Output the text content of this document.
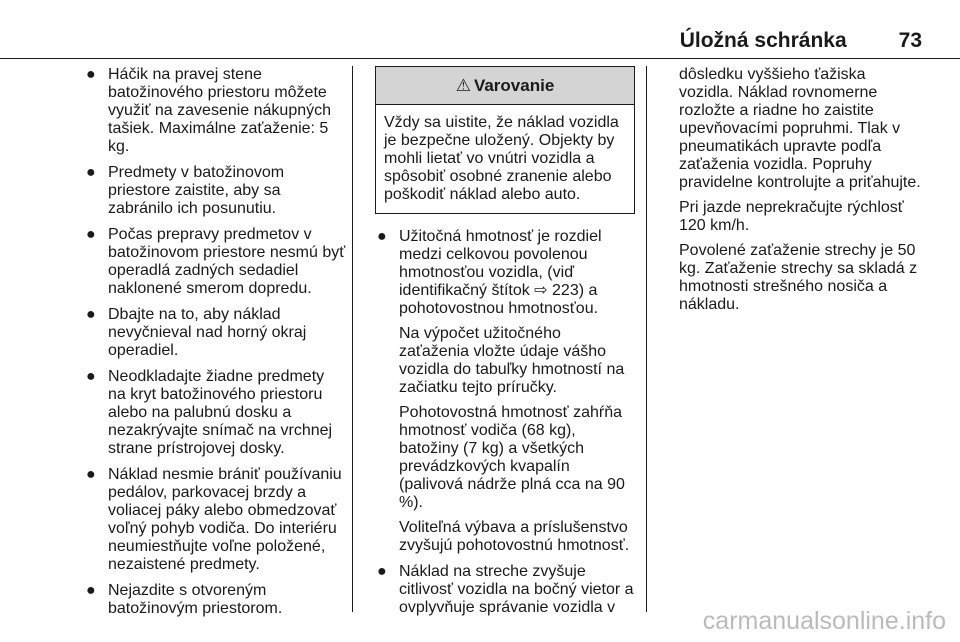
Úložná schránka 73
● Háčik na pravej stene batožinového priestoru môžete využiť na zavesenie nákupných tašiek. Maximálne zaťaženie: 5 kg.
● Predmety v batožinovom priestore zaistite, aby sa zabránilo ich posunutiu.
● Počas prepravy predmetov v batožinovom priestore nesmú byť operadlá zadných sedadiel naklonené smerom dopredu.
● Dbajte na to, aby náklad nevyčnieval nad horný okraj operadiel.
● Neodkladajte žiadne predmety na kryt batožinového priestoru alebo na palubnú dosku a nezakrývajte snímač na vrchnej strane prístrojovej dosky.
● Náklad nesmie brániť používaniu pedálov, parkovacej brzdy a voliacej páky alebo obmedzovať voľný pohyb vodiča. Do interiéru neumiestňujte voľne položené, nezaistené predmety.
● Nejazdite s otvoreným batožinovým priestorom.
⚠ Varovanie
Vždy sa uistite, že náklad vozidla je bezpečne uložený. Objekty by mohli lietať vo vnútri vozidla a spôsobiť osobné zranenie alebo poškodiť náklad alebo auto.
● Užitočná hmotnosť je rozdiel medzi celkovou povolenou hmotnosťou vozidla, (viď identifikačný štítok ⇨ 223) a pohotovostnou hmotnosťou.

Na výpočet užitočného zaťaženia vložte údaje vášho vozidla do tabuľky hmotností na začiatku tejto príručky.

Pohotovostná hmotnosť zahŕňa hmotnosť vodiča (68 kg), batožiny (7 kg) a všetkých prevádzkových kvapalín (palivová nádrže plná cca na 90 %).

Voliteľná výbava a príslušenstvo zvyšujú pohotovostnú hmotnosť.

● Náklad na streche zvyšuje citlivosť vozidla na bočný vietor a ovplyvňuje správanie vozidla v

dôsledku vyššieho ťažiska vozidla. Náklad rovnomerne rozložte a riadne ho zaistite upevňovacími popruhmi. Tlak v pneumatikách upravte podľa zaťaženia vozidla. Popruhy pravidelne kontrolujte a priťahujte.

Pri jazde neprekračujte rýchlosť 120 km/h.

Povolené zaťaženie strechy je 50 kg. Zaťaženie strechy sa skladá z hmotnosti strešného nosiča a nákladu.

carmanualsonline.info
